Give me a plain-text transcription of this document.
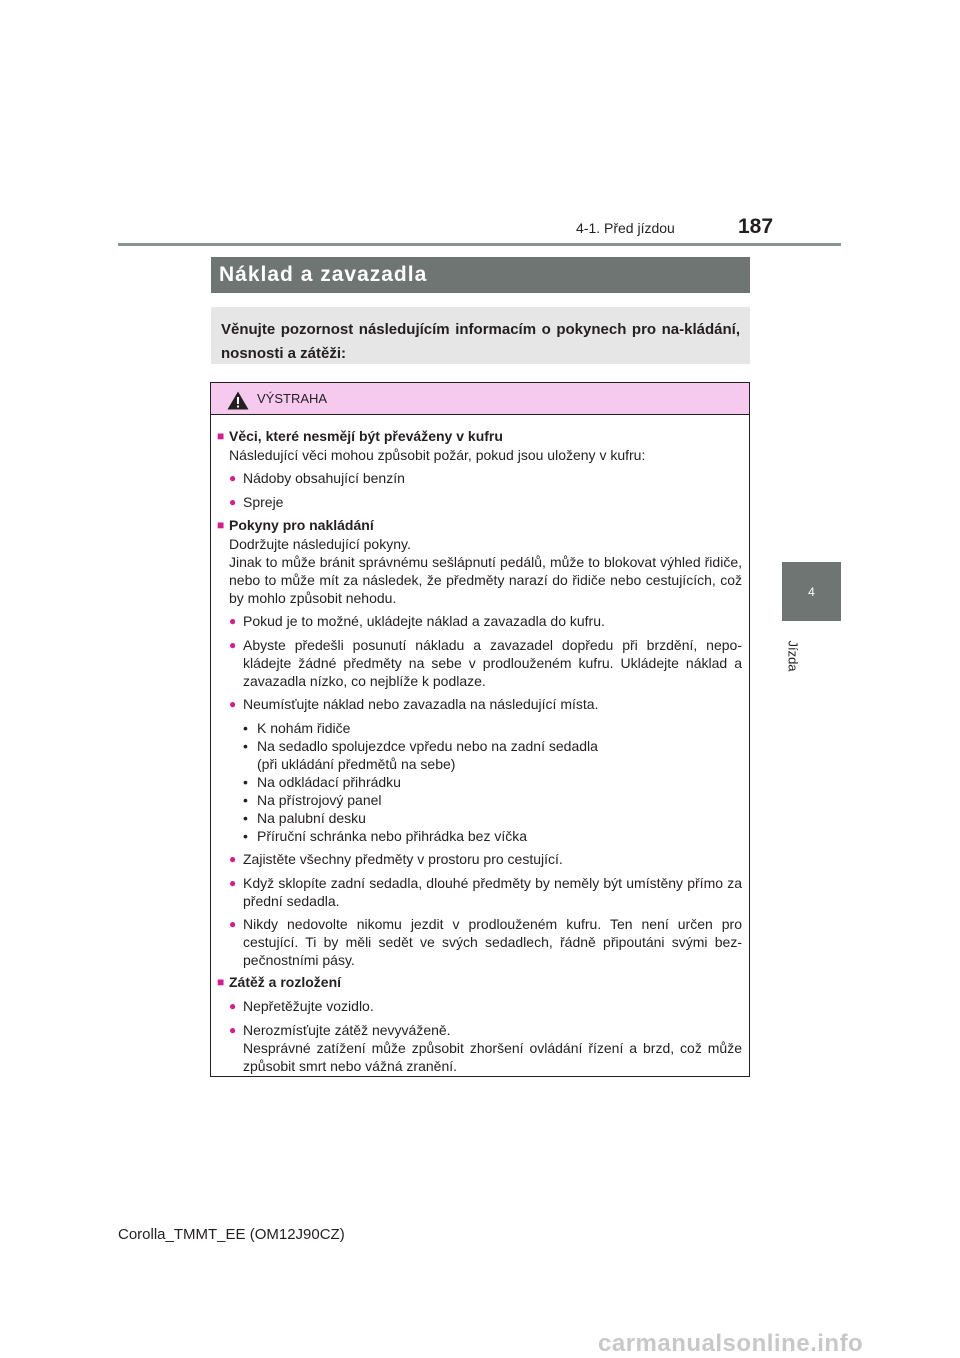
4-1. Před jízdou	187
4
Jízda
Náklad a zavazadla
Věnujte pozornost následujícím informacím o pokynech pro na-kládání, nosnosti a zátěži:
VÝSTRAHA
■ Věci, které nesmějí být převáženy v kufru
Následující věci mohou způsobit požár, pokud jsou uloženy v kufru:
● Nádoby obsahující benzín
● Spreje
■ Pokyny pro nakládání
Dodržujte následující pokyny.
Jinak to může bránit správnému sešlápnutí pedálů, může to blokovat výhled řidiče, nebo to může mít za následek, že předměty narazí do řidiče nebo cestujících, což by mohlo způsobit nehodu.
● Pokud je to možné, ukládejte náklad a zavazadla do kufru.
● Abyste předešli posunutí nákladu a zavazadel dopředu při brzdění, nepo-kládejte žádné předměty na sebe v prodlouženém kufru. Ukládejte náklad a zavazadla nízko, co nejblíže k podlaze.
● Neumísťujte náklad nebo zavazadla na následující místa.
• K nohám řidiče
• Na sedadlo spolujezdce vpředu nebo na zadní sedadla
(při ukládání předmětů na sebe)
• Na odkládací přihrádku
• Na přístrojový panel
• Na palubní desku
• Příruční schránka nebo přihrádka bez víčka
● Zajistěte všechny předměty v prostoru pro cestující.
● Když sklopíte zadní sedadla, dlouhé předměty by neměly být umístěny přímo za přední sedadla.
● Nikdy nedovolte nikomu jezdit v prodlouženém kufru. Ten není určen pro cestující. Ti by měli sedět ve svých sedadlech, řádně připoutáni svými bez-pečnostními pásy.
■ Zátěž a rozložení
● Nepřetěžujte vozidlo.
● Nerozmísťujte zátěž nevyváženě.
Nesprávné zatížení může způsobit zhoršení ovládání řízení a brzd, což může způsobit smrt nebo vážná zranění.
Corolla_TMMT_EE (OM12J90CZ)
carmanualsonline.info
